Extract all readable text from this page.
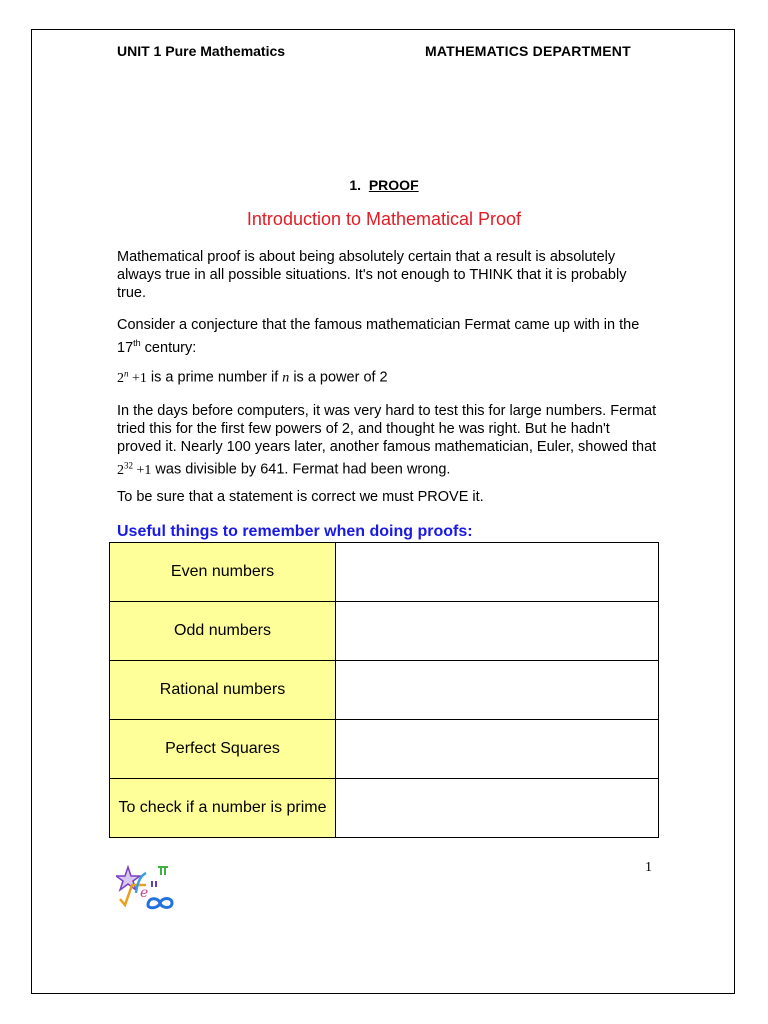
UNIT 1 Pure Mathematics	MATHEMATICS DEPARTMENT
1. PROOF
Introduction to Mathematical Proof
Mathematical proof is about being absolutely certain that a result is absolutely always true in all possible situations. It's not enough to THINK that it is probably true.
Consider a conjecture that the famous mathematician Fermat came up with in the 17th century:
$2^n +1$ is a prime number if n is a power of 2
In the days before computers, it was very hard to test this for large numbers. Fermat tried this for the first few powers of 2, and thought he was right. But he hadn't proved it. Nearly 100 years later, another famous mathematician, Euler, showed that $2^{32} +1$ was divisible by 641. Fermat had been wrong.
To be sure that a statement is correct we must PROVE it.
Useful things to remember when doing proofs:
Even numbers	
Odd numbers	
Rational numbers	
Perfect Squares	
To check if a number is prime	
1
e
